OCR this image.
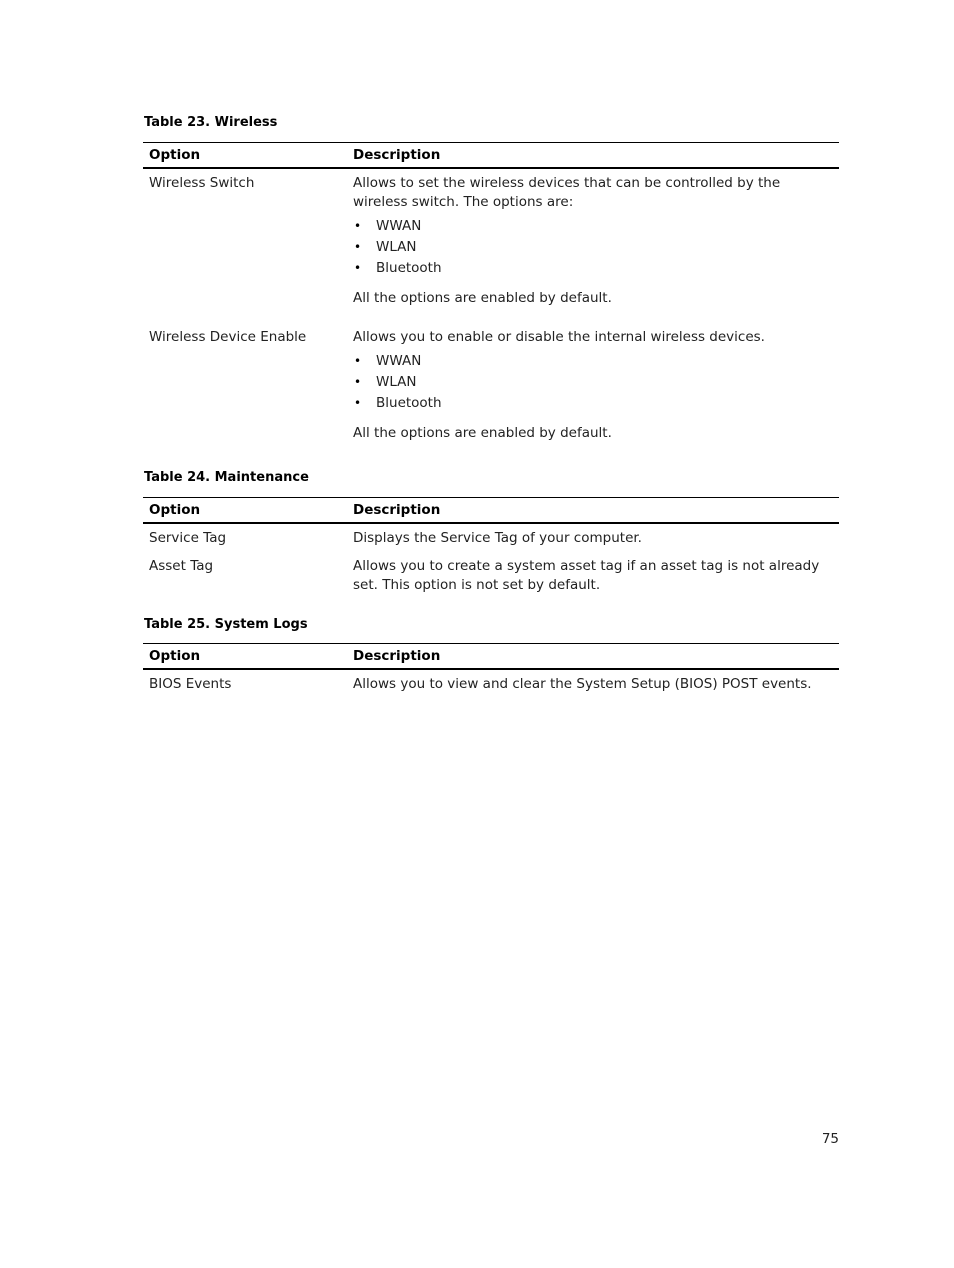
Table 23. Wireless
Option	Description
Wireless Switch	Allows to set the wireless devices that can be controlled by the wireless switch. The options are:

• WWAN
• WLAN
• Bluetooth

All the options are enabled by default.

Wireless Device Enable	Allows you to enable or disable the internal wireless devices.

• WWAN
• WLAN
• Bluetooth

All the options are enabled by default.

Table 24. Maintenance
Option	Description
Service Tag	Displays the Service Tag of your computer.
Asset Tag	Allows you to create a system asset tag if an asset tag is not already set. This option is not set by default.
Table 25. System Logs
Option	Description
BIOS Events	Allows you to view and clear the System Setup (BIOS) POST events.
75
